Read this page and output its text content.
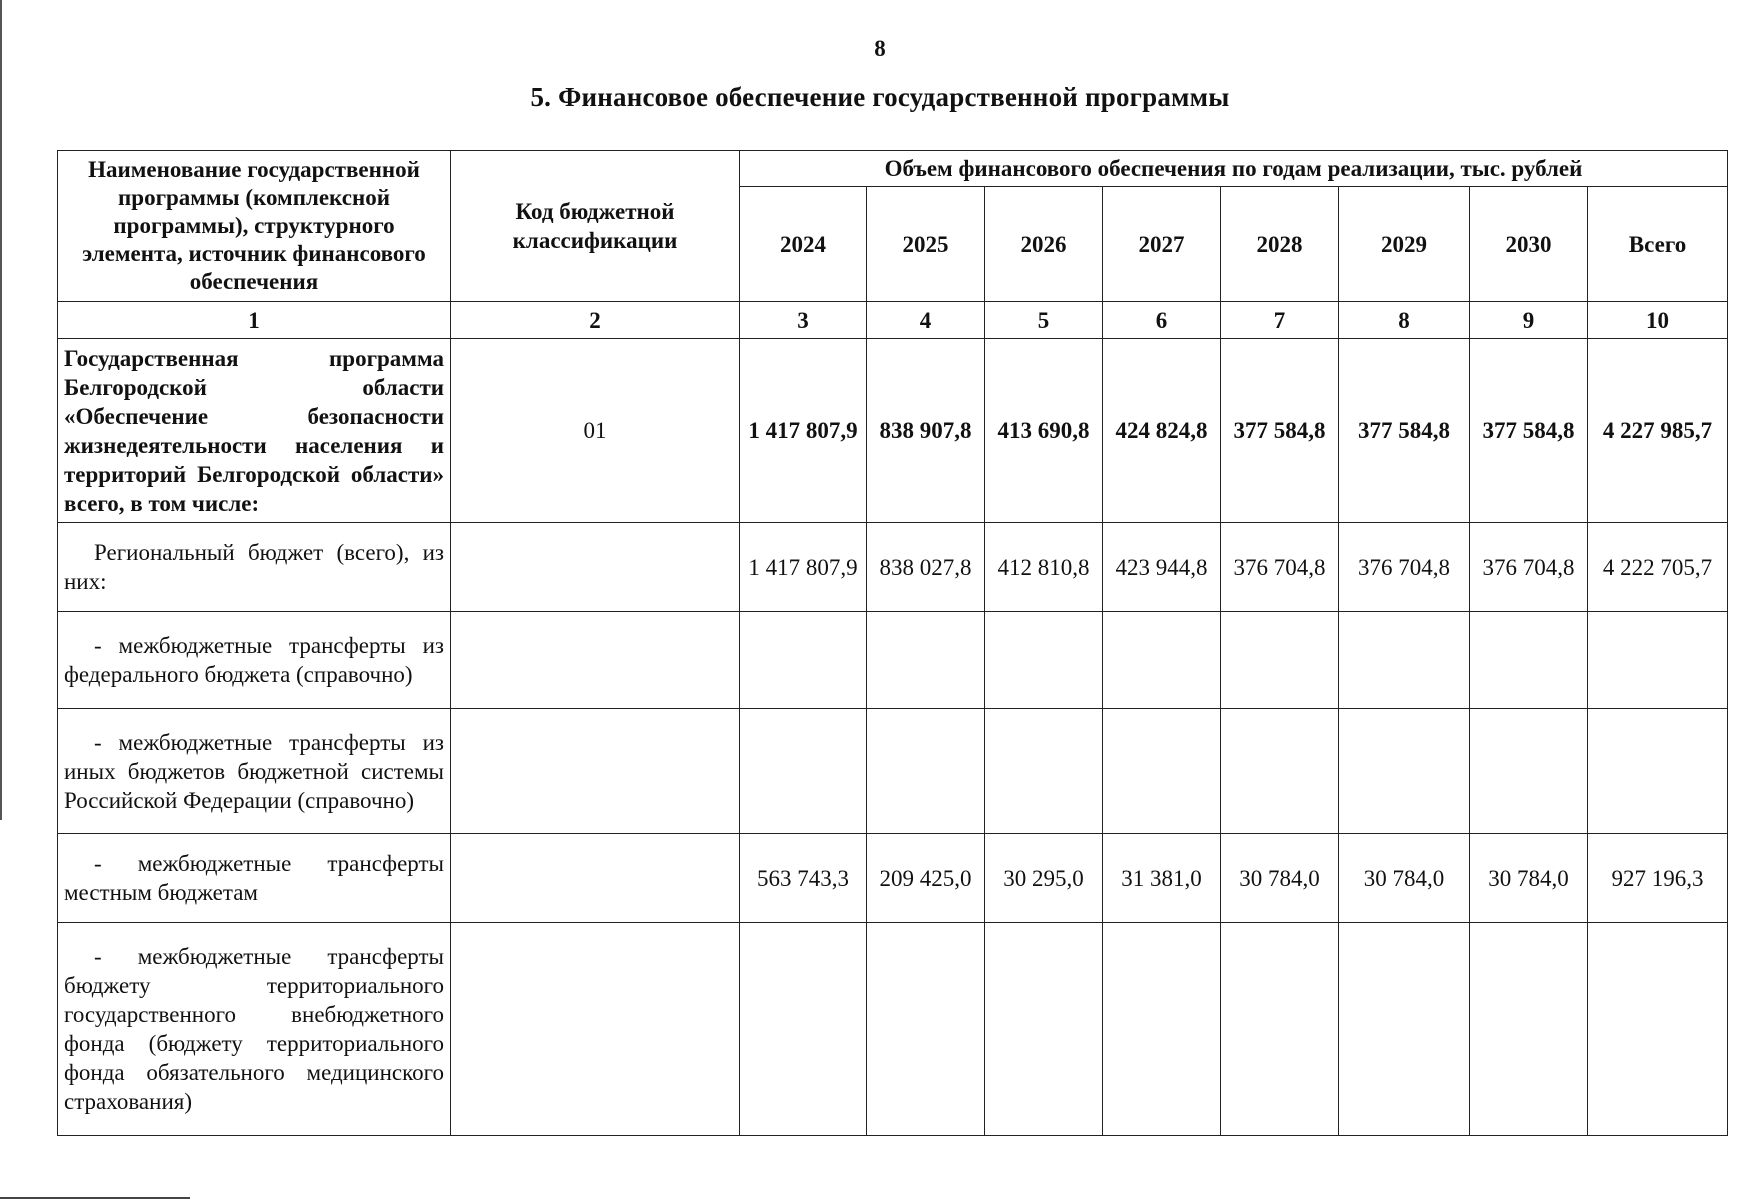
8
5. Финансовое обеспечение государственной программы
Наименование государственной программы (комплексной программы), структурного элемента, источник финансового обеспечения	Код бюджетной классификации	Объем финансового обеспечения по годам реализации, тыс. рублей							
		2024	2025	2026	2027	2028	2029	2030	Всего
1	2	3	4	5	6	7	8	9	10
Государственная программа Белгородской области «Обеспечение безопасности жизнедеятельности населения и территорий Белгородской области» всего, в том числе:	01	1 417 807,9	838 907,8	413 690,8	424 824,8	377 584,8	377 584,8	377 584,8	4 227 985,7
Региональный бюджет (всего), из них:		1 417 807,9	838 027,8	412 810,8	423 944,8	376 704,8	376 704,8	376 704,8	4 222 705,7
- межбюджетные трансферты из федерального бюджета (справочно)									
- межбюджетные трансферты из иных бюджетов бюджетной системы Российской Федерации (справочно)									
- межбюджетные трансферты местным бюджетам		563 743,3	209 425,0	30 295,0	31 381,0	30 784,0	30 784,0	30 784,0	927 196,3
- межбюджетные трансферты бюджету территориального государственного внебюджетного фонда (бюджету территориального фонда обязательного медицинского страхования)									
